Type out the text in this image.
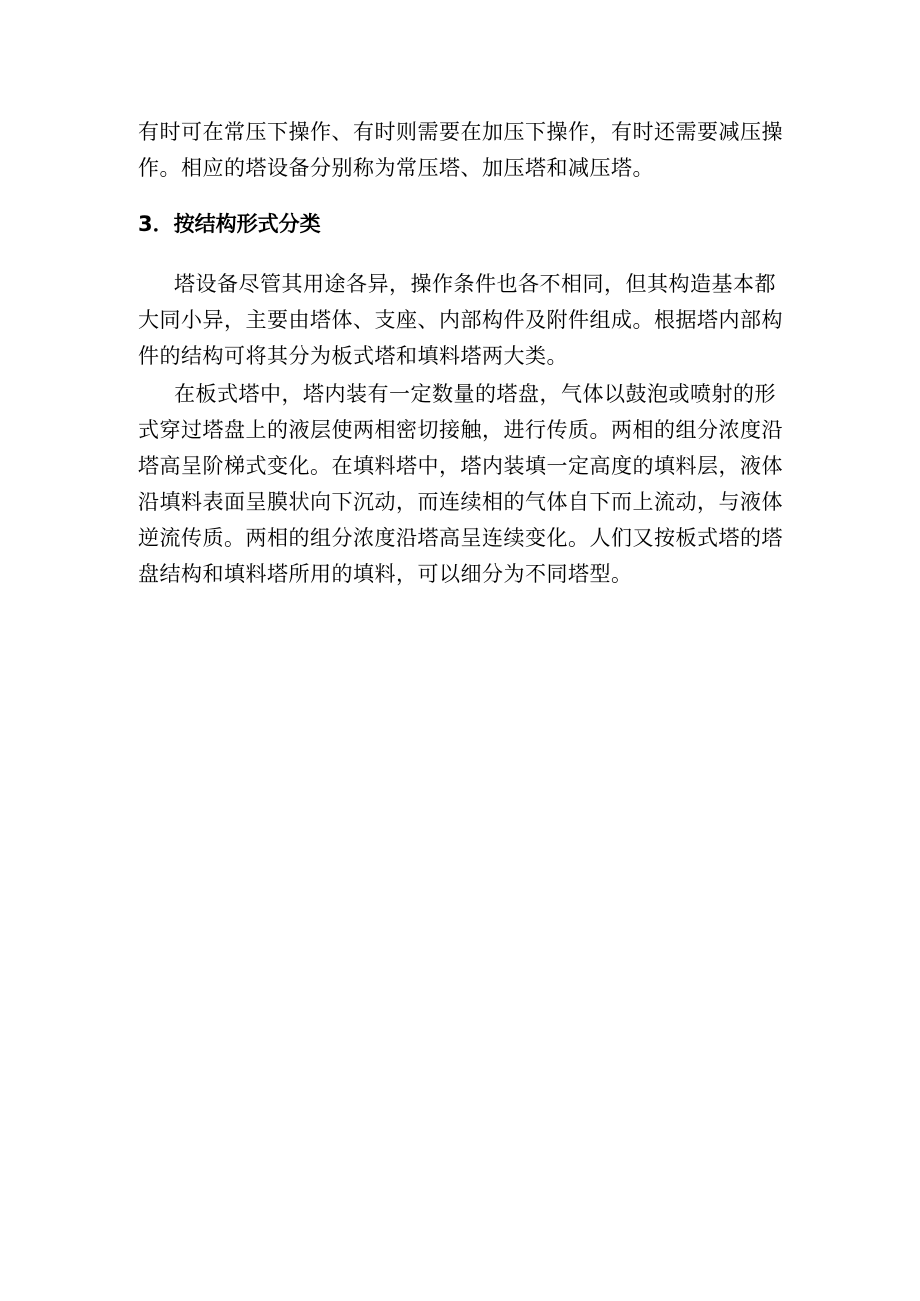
有时可在常压下操作、有时则需要在加压下操作，有时还需要减压操
作。相应的塔设备分别称为常压塔、加压塔和减压塔。
3．按结构形式分类
塔设备尽管其用途各异，操作条件也各不相同，但其构造基本都
大同小异，主要由塔体、支座、内部构件及附件组成。根据塔内部构
件的结构可将其分为板式塔和填料塔两大类。
在板式塔中，塔内装有一定数量的塔盘，气体以鼓泡或喷射的形
式穿过塔盘上的液层使两相密切接触，进行传质。两相的组分浓度沿
塔高呈阶梯式变化。在填料塔中，塔内装填一定高度的填料层，液体
沿填料表面呈膜状向下沉动，而连续相的气体自下而上流动，与液体
逆流传质。两相的组分浓度沿塔高呈连续变化。人们又按板式塔的塔
盘结构和填料塔所用的填料，可以细分为不同塔型。
